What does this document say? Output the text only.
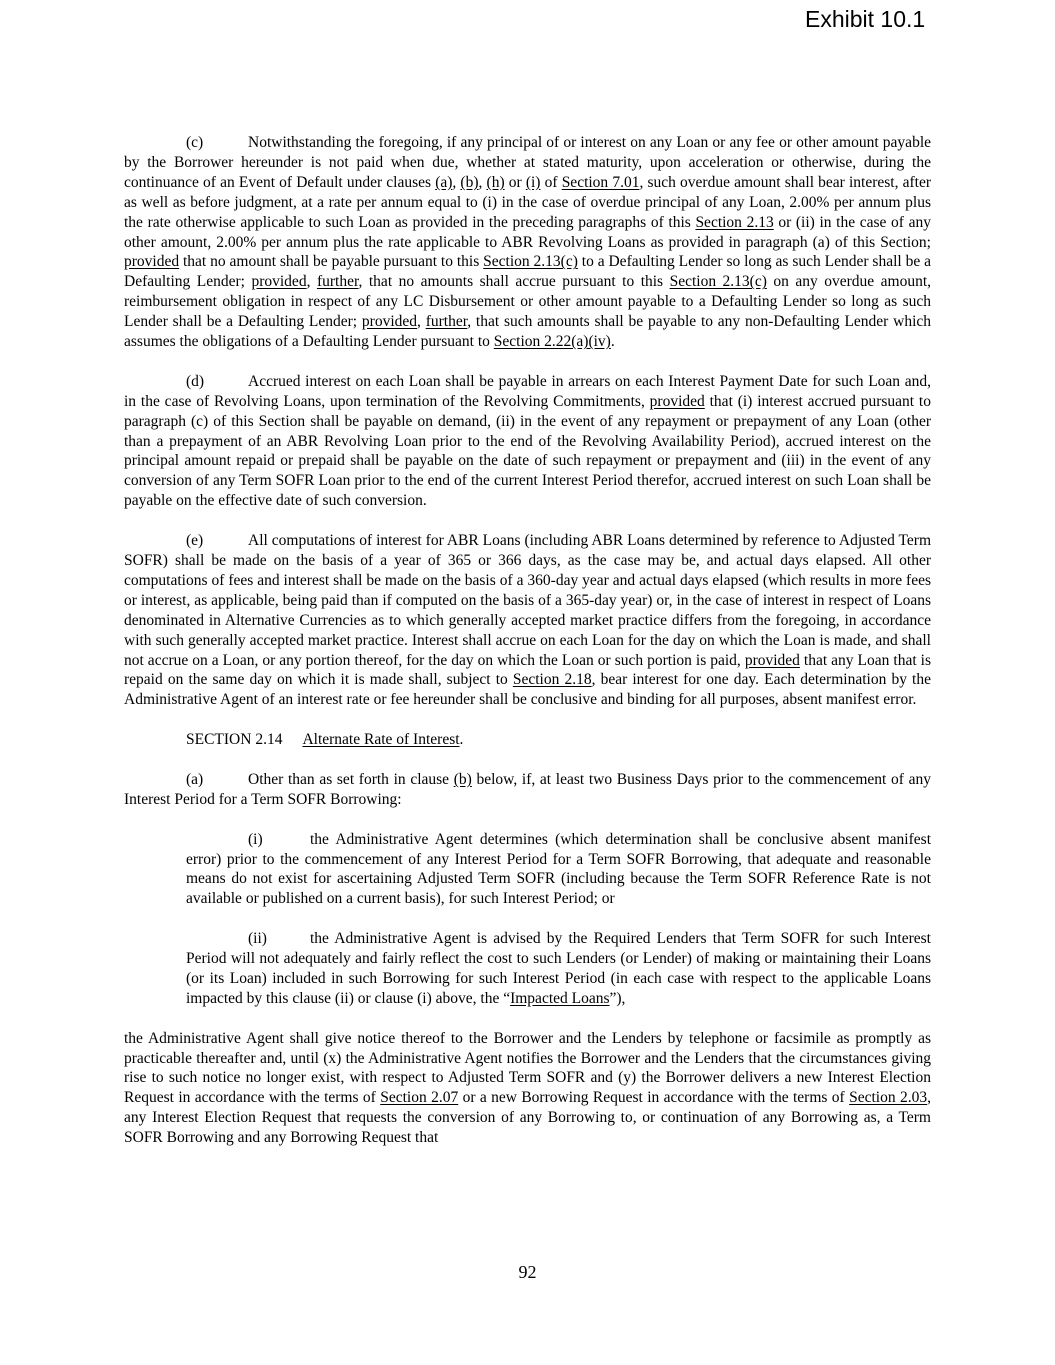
Exhibit 10.1

(c)	Notwithstanding the foregoing, if any principal of or interest on any Loan or any fee or other amount payable by the Borrower hereunder is not paid when due, whether at stated maturity, upon acceleration or otherwise, during the continuance of an Event of Default under clauses (a), (b), (h) or (i) of Section 7.01, such overdue amount shall bear interest, after as well as before judgment, at a rate per annum equal to (i) in the case of overdue principal of any Loan, 2.00% per annum plus the rate otherwise applicable to such Loan as provided in the preceding paragraphs of this Section 2.13 or (ii) in the case of any other amount, 2.00% per annum plus the rate applicable to ABR Revolving Loans as provided in paragraph (a) of this Section; provided that no amount shall be payable pursuant to this Section 2.13(c) to a Defaulting Lender so long as such Lender shall be a Defaulting Lender; provided, further, that no amounts shall accrue pursuant to this Section 2.13(c) on any overdue amount, reimbursement obligation in respect of any LC Disbursement or other amount payable to a Defaulting Lender so long as such Lender shall be a Defaulting Lender; provided, further, that such amounts shall be payable to any non-Defaulting Lender which assumes the obligations of a Defaulting Lender pursuant to Section 2.22(a)(iv).

(d)	Accrued interest on each Loan shall be payable in arrears on each Interest Payment Date for such Loan and, in the case of Revolving Loans, upon termination of the Revolving Commitments, provided that (i) interest accrued pursuant to paragraph (c) of this Section shall be payable on demand, (ii) in the event of any repayment or prepayment of any Loan (other than a prepayment of an ABR Revolving Loan prior to the end of the Revolving Availability Period), accrued interest on the principal amount repaid or prepaid shall be payable on the date of such repayment or prepayment and (iii) in the event of any conversion of any Term SOFR Loan prior to the end of the current Interest Period therefor, accrued interest on such Loan shall be payable on the effective date of such conversion.

(e)	All computations of interest for ABR Loans (including ABR Loans determined by reference to Adjusted Term SOFR) shall be made on the basis of a year of 365 or 366 days, as the case may be, and actual days elapsed. All other computations of fees and interest shall be made on the basis of a 360-day year and actual days elapsed (which results in more fees or interest, as applicable, being paid than if computed on the basis of a 365-day year) or, in the case of interest in respect of Loans denominated in Alternative Currencies as to which generally accepted market practice differs from the foregoing, in accordance with such generally accepted market practice. Interest shall accrue on each Loan for the day on which the Loan is made, and shall not accrue on a Loan, or any portion thereof, for the day on which the Loan or such portion is paid, provided that any Loan that is repaid on the same day on which it is made shall, subject to Section 2.18, bear interest for one day. Each determination by the Administrative Agent of an interest rate or fee hereunder shall be conclusive and binding for all purposes, absent manifest error.

SECTION 2.14 Alternate Rate of Interest.

(a)	Other than as set forth in clause (b) below, if, at least two Business Days prior to the commencement of any Interest Period for a Term SOFR Borrowing:

(i)	the Administrative Agent determines (which determination shall be conclusive absent manifest error) prior to the commencement of any Interest Period for a Term SOFR Borrowing, that adequate and reasonable means do not exist for ascertaining Adjusted Term SOFR (including because the Term SOFR Reference Rate is not available or published on a current basis), for such Interest Period; or

(ii)	the Administrative Agent is advised by the Required Lenders that Term SOFR for such Interest Period will not adequately and fairly reflect the cost to such Lenders (or Lender) of making or maintaining their Loans (or its Loan) included in such Borrowing for such Interest Period (in each case with respect to the applicable Loans impacted by this clause (ii) or clause (i) above, the “Impacted Loans”),

the Administrative Agent shall give notice thereof to the Borrower and the Lenders by telephone or facsimile as promptly as practicable thereafter and, until (x) the Administrative Agent notifies the Borrower and the Lenders that the circumstances giving rise to such notice no longer exist, with respect to Adjusted Term SOFR and (y) the Borrower delivers a new Interest Election Request in accordance with the terms of Section 2.07 or a new Borrowing Request in accordance with the terms of Section 2.03, any Interest Election Request that requests the conversion of any Borrowing to, or continuation of any Borrowing as, a Term SOFR Borrowing and any Borrowing Request that

92
